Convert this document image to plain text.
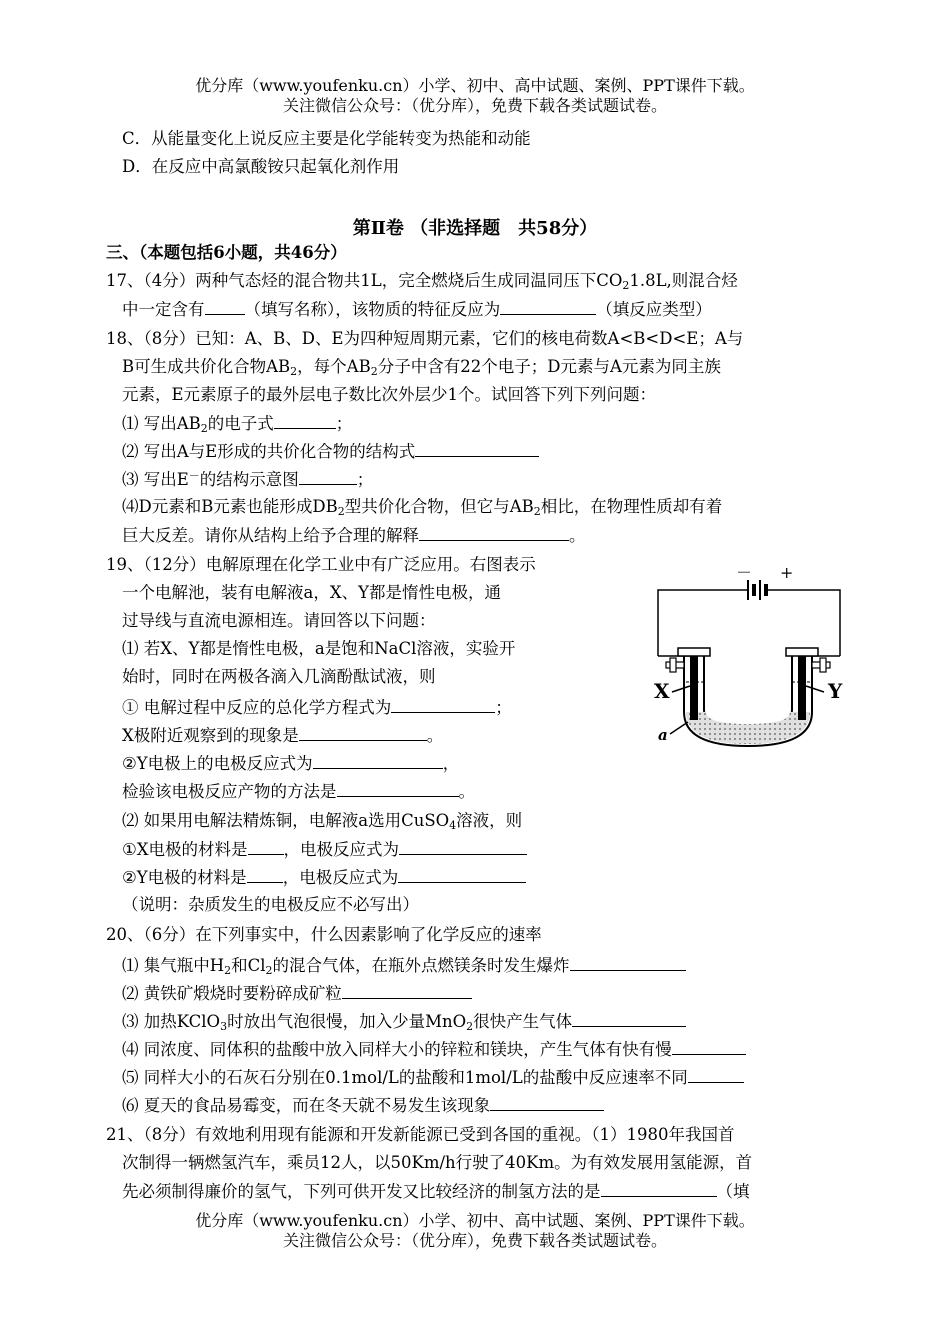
优分库（www.youfenku.cn）小学、初中、高中试题、案例、PPT课件下载。
关注微信公众号：（优分库），免费下载各类试题试卷。
C．从能量变化上说反应主要是化学能转变为热能和动能
D．在反应中高氯酸铵只起氧化剂作用
第Ⅱ卷 （非选择题　共58分）
三、（本题包括6小题，共46分）
17、（4分）两种气态烃的混合物共1L，完全燃烧后生成同温同压下$CO_21.8L$,则混合烃
中一定含有 （填写名称），该物质的特征反应为	（填反应类型）
18、（8分）已知：A、B、D、E为四种短周期元素，它们的核电荷数A<B<D<E；A与
B可生成共价化合物$AB_2$，每个$AB_2$分子中含有22个电子；D元素与A元素为同主族
元素，E元素原子的最外层电子数比次外层少1个。试回答下列下列问题：
⑴ 写出$AB_2$的电子式	；
⑵ 写出A与E形成的共价化合物的结构式
⑶ 写出E－的结构示意图	；
⑷D元素和B元素也能形成$DB_2$型共价化合物，但它与$AB_2$相比，在物理性质却有着
巨大反差。请你从结构上给予合理的解释	。
19、（12分）电解原理在化学工业中有广泛应用。右图表示
一个电解池，装有电解液a，X、Y都是惰性电极，通
过导线与直流电源相连。请回答以下问题：
⑴ 若X、Y都是惰性电极，a是饱和NaCl溶液，实验开
始时，同时在两极各滴入几滴酚酞试液，则
① 电解过程中反应的总化学方程式为	；
X极附近观察到的现象是	。
②Y电极上的电极反应式为	，
检验该电极反应产物的方法是	。
⑵ 如果用电解法精炼铜，电解液a选用CuSO$_4$溶液，则
①X电极的材料是 ，电极反应式为
②Y电极的材料是 ，电极反应式为
（说明：杂质发生的电极反应不必写出）
－ +
X	Y
a
20、（6分）在下列事实中，什么因素影响了化学反应的速率
⑴ 集气瓶中$H_2$和$Cl_2$的混合气体，在瓶外点燃镁条时发生爆炸
⑵ 黄铁矿煅烧时要粉碎成矿粒
⑶ 加热KClO$_3$时放出气泡很慢，加入少量MnO$_2$很快产生气体
⑷ 同浓度、同体积的盐酸中放入同样大小的锌粒和镁块，产生气体有快有慢
⑸ 同样大小的石灰石分别在0.1mol/L的盐酸和1mol/L的盐酸中反应速率不同
⑹ 夏天的食品易霉变，而在冬天就不易发生该现象
21、（8分）有效地利用现有能源和开发新能源已受到各国的重视。（1）1980年我国首
次制得一辆燃氢汽车，乘员12人，以50Km/h行驶了40Km。为有效发展用氢能源，首
先必须制得廉价的氢气，下列可供开发又比较经济的制氢方法的是	（填
优分库（www.youfenku.cn）小学、初中、高中试题、案例、PPT课件下载。
关注微信公众号：（优分库），免费下载各类试题试卷。
